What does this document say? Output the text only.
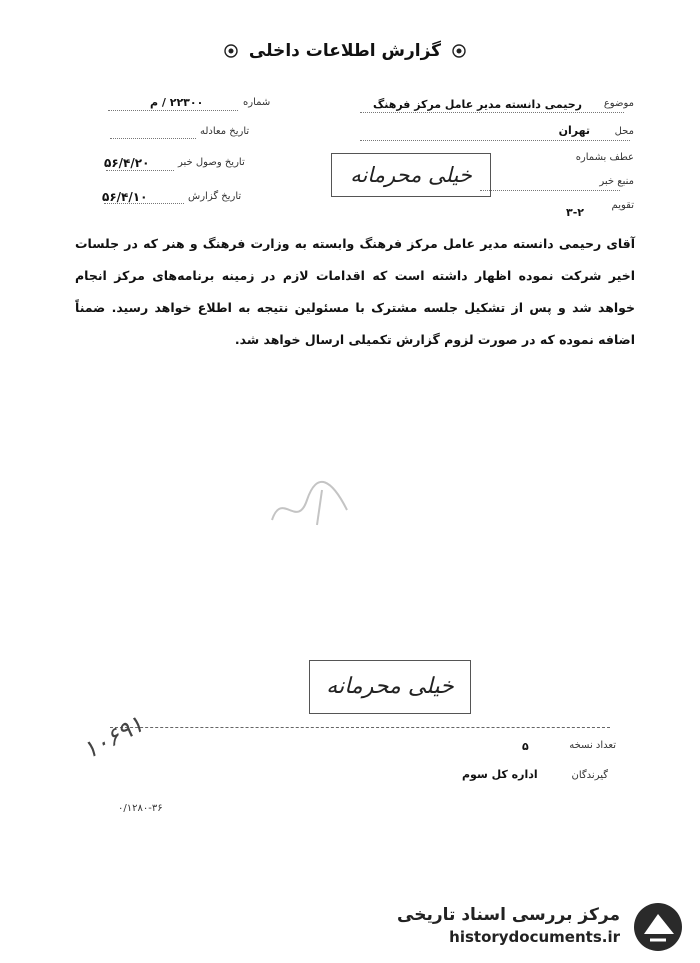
گزارش اطلاعات داخلی
موضوع
رحیمی دانسته مدیر عامل مرکز فرهنگ
محل
تهران
عطف بشماره
منبع خبر
تقویم
۳-۲
خیلی محرمانه
شماره
۲۲۳۰۰ / م
تاریخ معادله
تاریخ وصول خبر
۵۶/۴/۲۰
تاریخ گزارش
۵۶/۴/۱۰
آقای رحیمی دانسته مدیر عامل مرکز فرهنگ وابسته به وزارت فرهنگ و هنر که در جلسات اخیر شرکت نموده اظهار داشته است که اقدامات لازم در زمینه برنامه‌های مرکز انجام خواهد شد و پس از تشکیل جلسه مشترک با مسئولین نتیجه به اطلاع خواهد رسید. ضمناً اضافه نموده که در صورت لزوم گزارش تکمیلی ارسال خواهد شد.
خیلی محرمانه
تعداد نسخه
۵
گیرندگان
اداره کل سوم
۱۰۶۹۱
۰/۱۲۸۰-۳۶
مرکز بررسی اسناد تاریخی
historydocuments.ir
